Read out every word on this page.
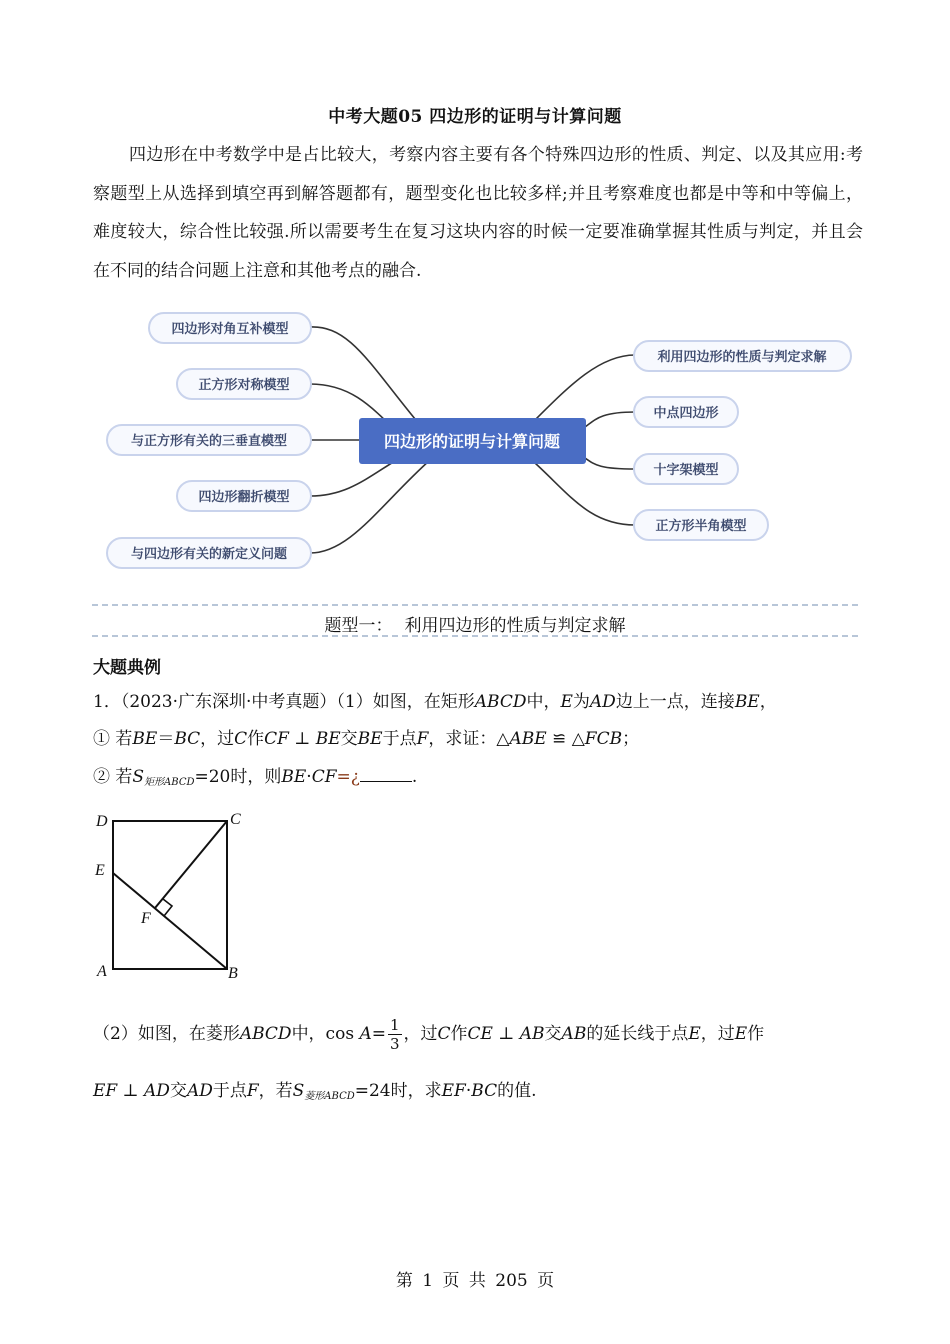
中考大题05 四边形的证明与计算问题
四边形在中考数学中是占比较大，考察内容主要有各个特殊四边形的性质、判定、以及其应用:考察题型上从选择到填空再到解答题都有，题型变化也比较多样;并且考察难度也都是中等和中等偏上，难度较大，综合性比较强.所以需要考生在复习这块内容的时候一定要准确掌握其性质与判定，并且会在不同的结合问题上注意和其他考点的融合.
四边形的证明与计算问题
四边形对角互补模型
正方形对称模型
与正方形有关的三垂直模型
四边形翻折模型
与四边形有关的新定义问题
利用四边形的性质与判定求解
中点四边形
十字架模型
正方形半角模型
题型一： 利用四边形的性质与判定求解
大题典例
1．（2023·广东深圳·中考真题）（1）如图，在矩形ABCD中，E为AD边上一点，连接BE，
① 若BE＝BC，过C作CF ⊥ BE交BE于点F，求证：△ABE ≌ △FCB；
② 若$S_{矩形ABCD}=20$时，则BE·CF=¿	.
D	C
E
F
A	B
（2）如图，在菱形ABCD中，$\cos A= \frac{1}{3}$ ，过C作CE ⊥ AB交AB的延长线于点E，过E作
EF ⊥ AD交AD于点F，若$S_{菱形ABCD}=24$时，求EF·BC的值.
第 1 页 共 205 页
